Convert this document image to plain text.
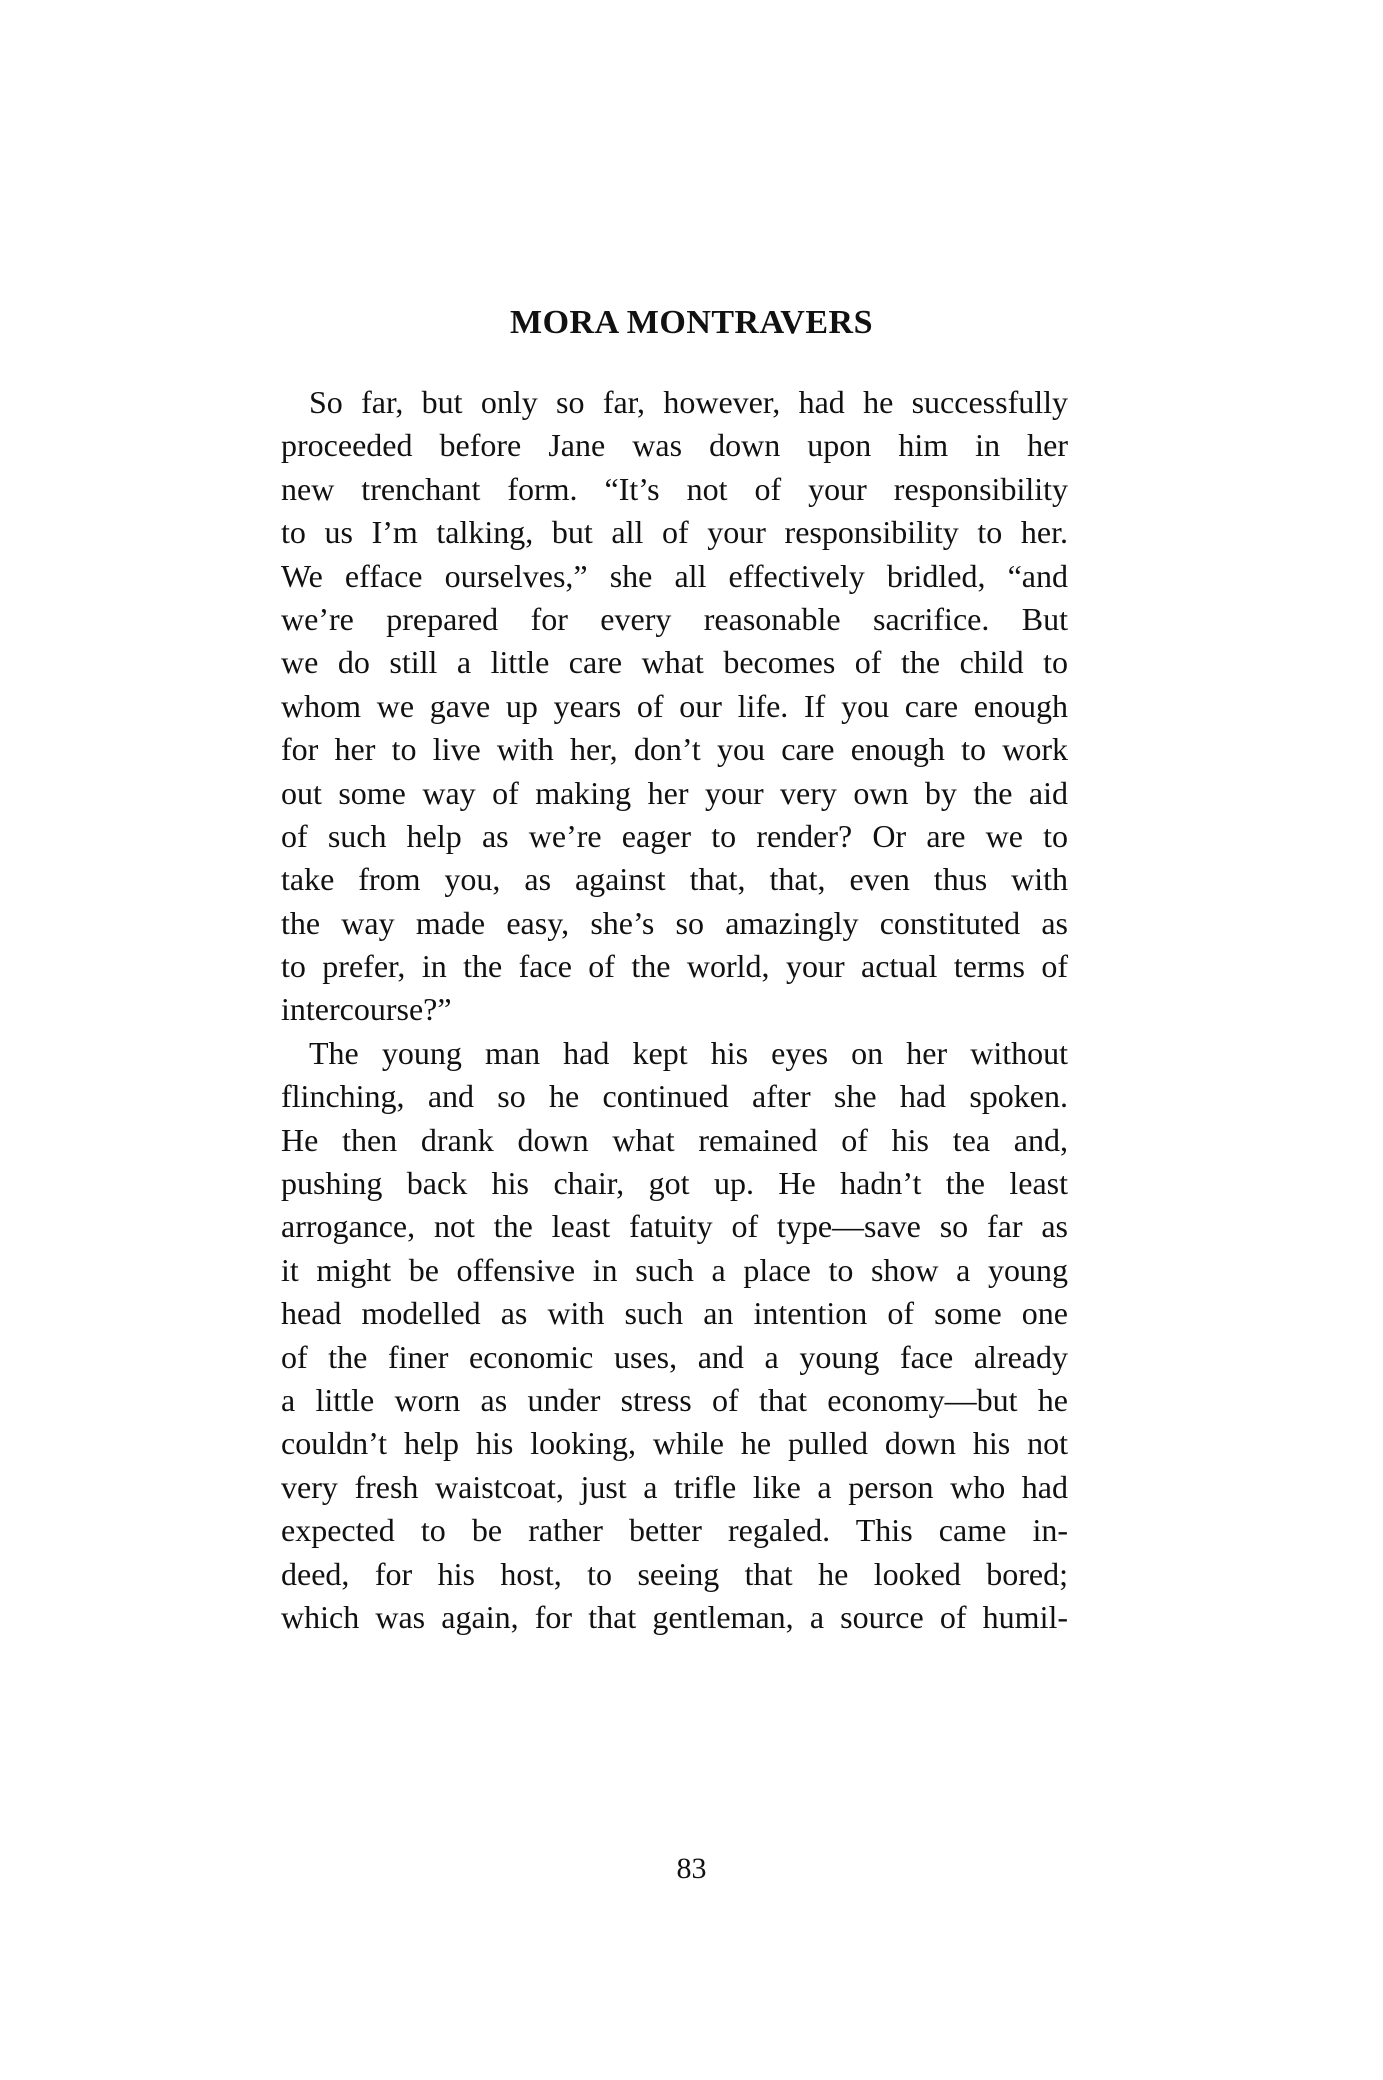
MORA MONTRAVERS
So far, but only so far, however, had he successfully
proceeded before Jane was down upon him in her
new trenchant form. “It’s not of your responsibility
to us I’m talking, but all of your responsibility to her.
We efface ourselves,” she all effectively bridled, “and
we’re prepared for every reasonable sacrifice. But
we do still a little care what becomes of the child to
whom we gave up years of our life. If you care enough
for her to live with her, don’t you care enough to work
out some way of making her your very own by the aid
of such help as we’re eager to render? Or are we to
take from you, as against that, that, even thus with
the way made easy, she’s so amazingly constituted as
to prefer, in the face of the world, your actual terms of
intercourse?”
The young man had kept his eyes on her without
flinching, and so he continued after she had spoken.
He then drank down what remained of his tea and,
pushing back his chair, got up. He hadn’t the least
arrogance, not the least fatuity of type—save so far as
it might be offensive in such a place to show a young
head modelled as with such an intention of some one
of the finer economic uses, and a young face already
a little worn as under stress of that economy—but he
couldn’t help his looking, while he pulled down his not
very fresh waistcoat, just a trifle like a person who had
expected to be rather better regaled. This came in-
deed, for his host, to seeing that he looked bored;
which was again, for that gentleman, a source of humil-
83
